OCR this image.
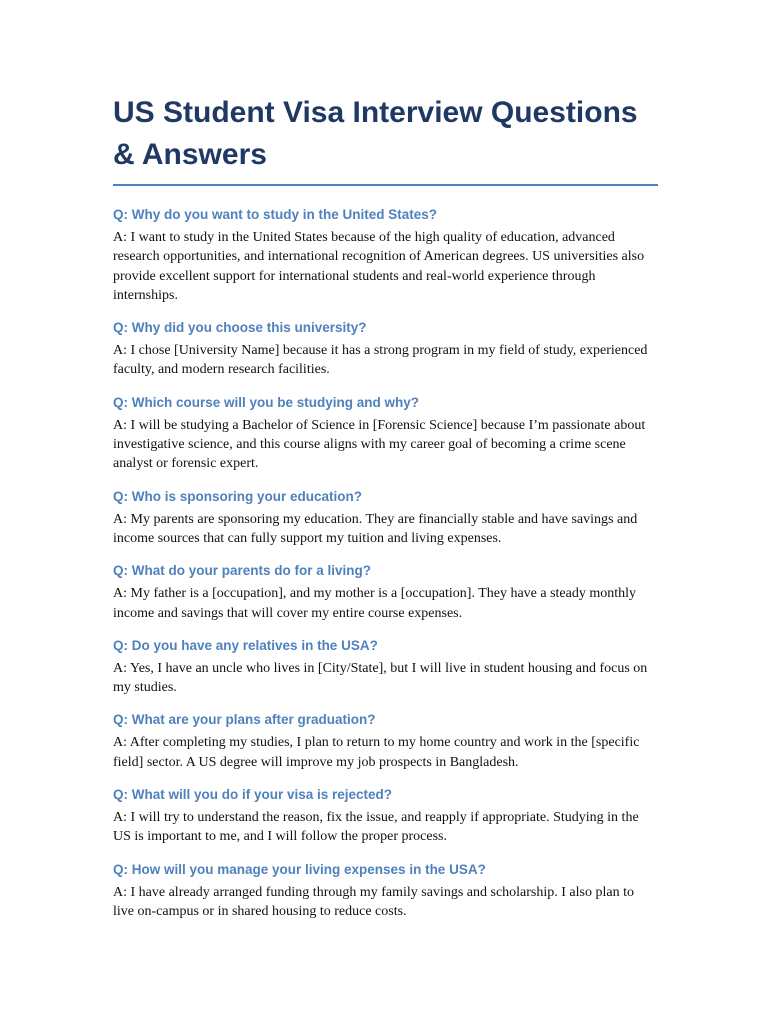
US Student Visa Interview Questions & Answers

Q: Why do you want to study in the United States?

A: I want to study in the United States because of the high quality of education, advanced research opportunities, and international recognition of American degrees. US universities also provide excellent support for international students and real-world experience through internships.

Q: Why did you choose this university?

A: I chose [University Name] because it has a strong program in my field of study, experienced faculty, and modern research facilities.

Q: Which course will you be studying and why?

A: I will be studying a Bachelor of Science in [Forensic Science] because I’m passionate about investigative science, and this course aligns with my career goal of becoming a crime scene analyst or forensic expert.

Q: Who is sponsoring your education?

A: My parents are sponsoring my education. They are financially stable and have savings and income sources that can fully support my tuition and living expenses.

Q: What do your parents do for a living?

A: My father is a [occupation], and my mother is a [occupation]. They have a steady monthly income and savings that will cover my entire course expenses.

Q: Do you have any relatives in the USA?

A: Yes, I have an uncle who lives in [City/State], but I will live in student housing and focus on my studies.

Q: What are your plans after graduation?

A: After completing my studies, I plan to return to my home country and work in the [specific field] sector. A US degree will improve my job prospects in Bangladesh.

Q: What will you do if your visa is rejected?

A: I will try to understand the reason, fix the issue, and reapply if appropriate. Studying in the US is important to me, and I will follow the proper process.

Q: How will you manage your living expenses in the USA?

A: I have already arranged funding through my family savings and scholarship. I also plan to live on-campus or in shared housing to reduce costs.
